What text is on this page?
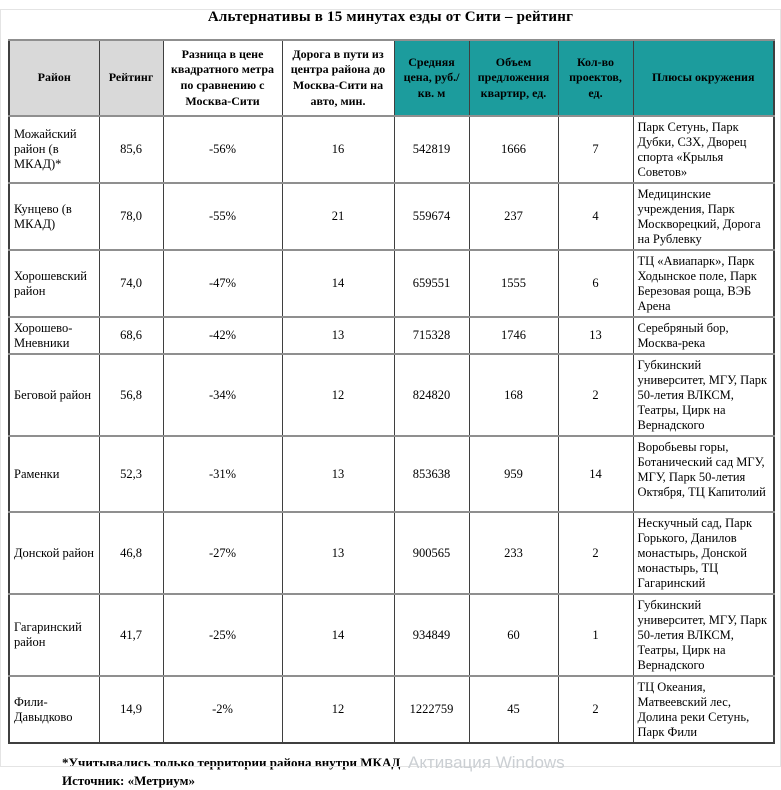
Альтернативы в 15 минутах езды от Сити – рейтинг
Район	Рейтинг	Разница в цене квадратного метра по сравнению с Москва-Сити	Дорога в пути из центра района до Москва-Сити на авто, мин.	Средняя цена, руб./кв. м	Объем предложения квартир, ед.	Кол-во проектов, ед.	Плюсы окружения
Можайский район (в МКАД)*	85,6	-56%	16	542819	1666	7	Парк Сетунь, Парк Дубки, СЗХ, Дворец спорта «Крылья Советов»
Кунцево (в МКАД)	78,0	-55%	21	559674	237	4	Медицинские учреждения, Парк Москворецкий, Дорога на Рублевку
Хорошевский район	74,0	-47%	14	659551	1555	6	ТЦ «Авиапарк», Парк Ходынское поле, Парк Березовая роща, ВЭБ Арена
Хорошево-Мневники	68,6	-42%	13	715328	1746	13	Серебряный бор, Москва-река
Беговой район	56,8	-34%	12	824820	168	2	Губкинский университет, МГУ, Парк 50-летия ВЛКСМ, Театры, Цирк на Вернадского
Раменки	52,3	-31%	13	853638	959	14	Воробьевы горы, Ботанический сад МГУ, МГУ, Парк 50-летия Октября, ТЦ Капитолий
Донской район	46,8	-27%	13	900565	233	2	Нескучный сад, Парк Горького, Данилов монастырь, Донской монастырь, ТЦ Гагаринский
Гагаринский район	41,7	-25%	14	934849	60	1	Губкинский университет, МГУ, Парк 50-летия ВЛКСМ, Театры, Цирк на Вернадского
Фили-Давыдково	14,9	-2%	12	1222759	45	2	ТЦ Океания, Матвеевский лес, Долина реки Сетунь, Парк Фили
*Учитывались только территории района внутри МКАД
Источник: «Метриум»
Активация Windows
